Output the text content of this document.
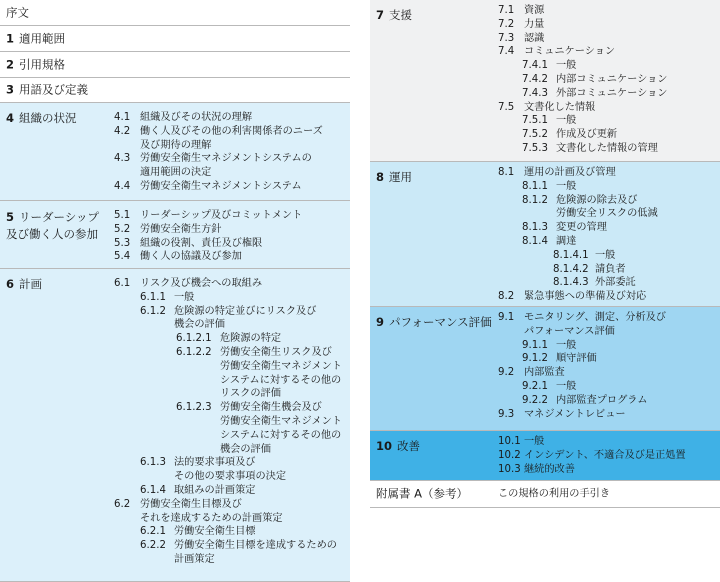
序文
1 適用範囲
2 引用規格
3 用語及び定義
4 組織の状況	4.1 組織及びその状況の理解
4.2 働く人及びその他の利害関係者のニーズ
及び期待の理解
4.3 労働安全衛生マネジメントシステムの
適用範囲の決定
4.4 労働安全衛生マネジメントシステム
5 リーダーシップ
及び働く人の参加
5.1 リーダーシップ及びコミットメント
5.2 労働安全衛生方針
5.3 組織の役割、責任及び権限
5.4 働く人の協議及び参加
6 計画	6.1 リスク及び機会への取組み
6.1.1 一般
6.1.2 危険源の特定並びにリスク及び
機会の評価
6.1.2.1 危険源の特定
6.1.2.2 労働安全衛生リスク及び
労働安全衛生マネジメント
システムに対するその他の
リスクの評価
6.1.2.3 労働安全衛生機会及び
労働安全衛生マネジメント
システムに対するその他の
機会の評価
6.1.3 法的要求事項及び
その他の要求事項の決定
6.1.4 取組みの計画策定
6.2 労働安全衛生目標及び
それを達成するための計画策定
6.2.1 労働安全衛生目標
6.2.2 労働安全衛生目標を達成するための
計画策定
7 支援	7.1 資源
7.2 力量
7.3 認識
7.4 コミュニケーション
7.4.1 一般
7.4.2 内部コミュニケーション
7.4.3 外部コミュニケーション
7.5 文書化した情報
7.5.1 一般
7.5.2 作成及び更新
7.5.3 文書化した情報の管理
8 運用	8.1 運用の計画及び管理
8.1.1 一般
8.1.2 危険源の除去及び
労働安全リスクの低減
8.1.3 変更の管理
8.1.4 調達
8.1.4.1 一般
8.1.4.2 請負者
8.1.4.3 外部委託
8.2 緊急事態への準備及び対応
9 パフォーマンス評価 9.1 モニタリング、測定、分析及び
パフォーマンス評価
9.1.1 一般
9.1.2 順守評価
9.2 内部監査
9.2.1 一般
9.2.2 内部監査プログラム
9.3 マネジメントレビュー
10 改善	10.1 一般
10.2 インシデント、不適合及び是正処置
10.3 継続的改善
附属書 A（参考）	この規格の利用の手引き
